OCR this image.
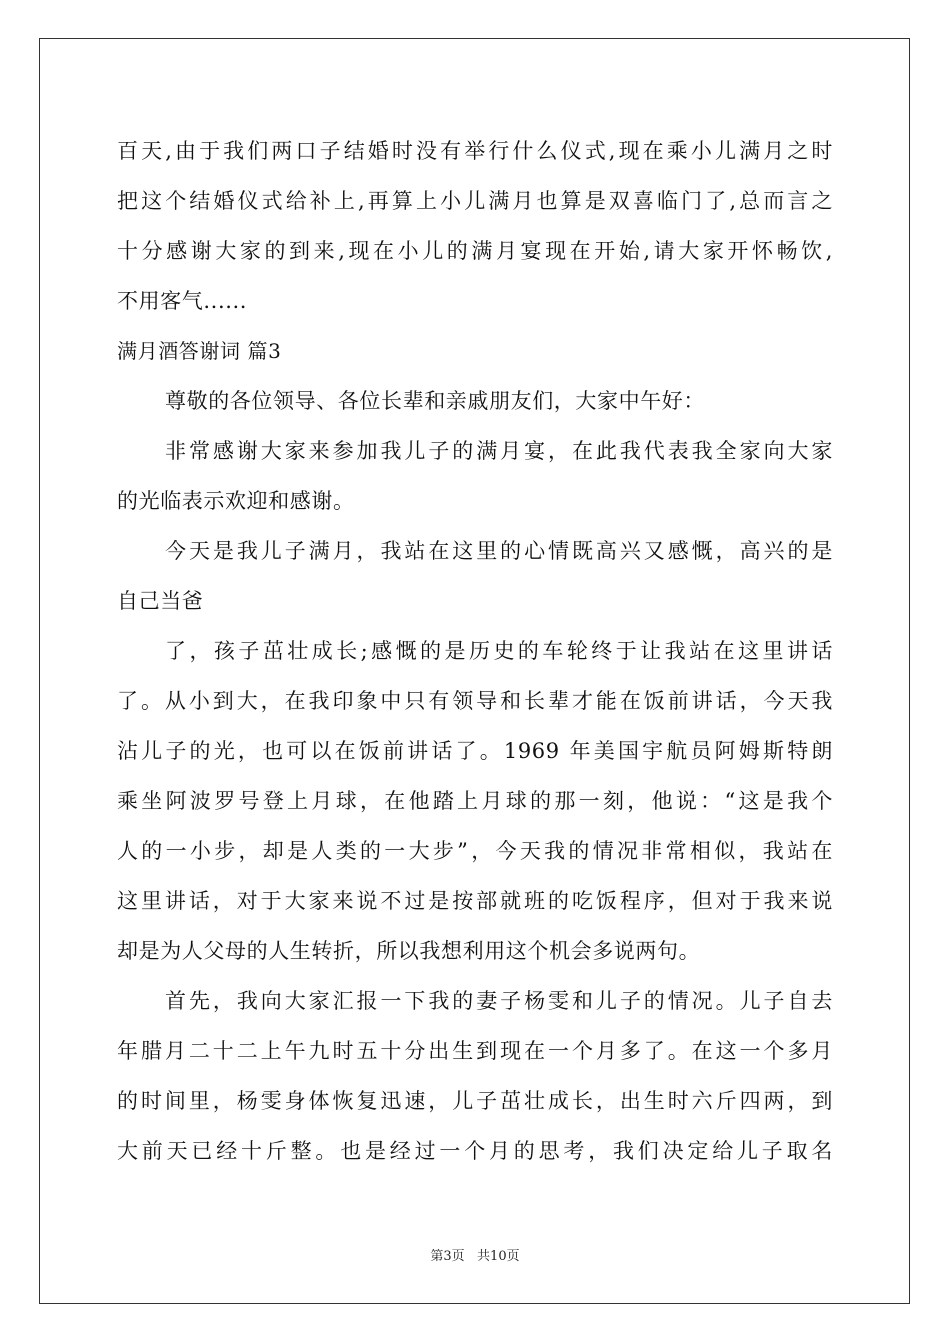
百天,由于我们两口子结婚时没有举行什么仪式,现在乘小儿满月之时
把这个结婚仪式给补上,再算上小儿满月也算是双喜临门了,总而言之
十分感谢大家的到来,现在小儿的满月宴现在开始,请大家开怀畅饮,
不用客气......
满月酒答谢词 篇3
尊敬的各位领导、各位长辈和亲戚朋友们，大家中午好：
非常感谢大家来参加我儿子的满月宴，在此我代表我全家向大家
的光临表示欢迎和感谢。
今天是我儿子满月，我站在这里的心情既高兴又感慨，高兴的是
自己当爸
了，孩子茁壮成长;感慨的是历史的车轮终于让我站在这里讲话
了。从小到大，在我印象中只有领导和长辈才能在饭前讲话，今天我
沾儿子的光，也可以在饭前讲话了。1969 年美国宇航员阿姆斯特朗
乘坐阿波罗号登上月球，在他踏上月球的那一刻，他说：“这是我个
人的一小步，却是人类的一大步”，今天我的情况非常相似，我站在
这里讲话，对于大家来说不过是按部就班的吃饭程序，但对于我来说
却是为人父母的人生转折，所以我想利用这个机会多说两句。
首先，我向大家汇报一下我的妻子杨雯和儿子的情况。儿子自去
年腊月二十二上午九时五十分出生到现在一个月多了。在这一个多月
的时间里，杨雯身体恢复迅速，儿子茁壮成长，出生时六斤四两，到
大前天已经十斤整。也是经过一个月的思考，我们决定给儿子取名
第3页   共10页
